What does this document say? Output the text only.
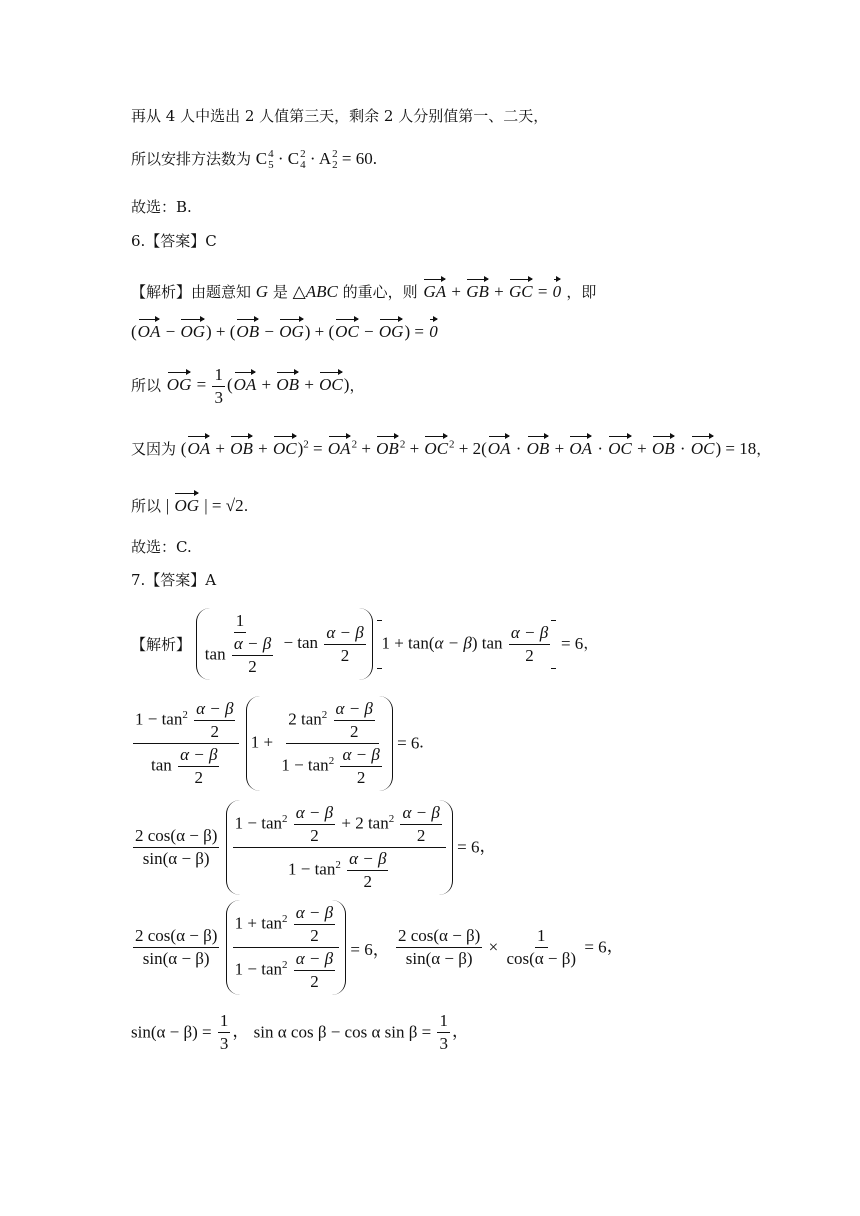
再从 4 人中选出 2 人值第三天，剩余 2 人分别值第一、二天，
所以安排方法数为 C 4
5 · C 2
4 · A 2
2 = 60.
故选：B.
6.【答案】C
【解析】由题意知 G 是 △ABC 的重心，则 GA + GB + GC = 0 ，即
(OA − OG) + (OB − OG) + (OC − OG) = 0
所以 OG = $\frac{1}{3} (OA$ + OB + OC)，
又因为 (OA + OB + $OC)^2 = OA^2 + OB^2 + OC^2 + 2(OA$ · OB + OA · OC + OB · OC) = 18，
所以 | OG | = √2.
故选：C.
7.【答案】A
【解析】 $\frac{1}{\tan \frac{\alpha - \beta}{2}} - \tan \frac{\alpha - \beta}{2}$
1 + tan(α − β) $\tan \frac{\alpha - \beta}{2} = 6$，
$\frac{1 - \tan^2 \frac{\alpha - \beta}{2}}{\tan \frac{\alpha - \beta}{2}} 1 + \frac{2 \tan^2 \frac{\alpha - \beta}{2}}{1 - \tan^2 \frac{\alpha - \beta}{2}} = 6$.
$\frac{2 \cos(\alpha - \beta)}{\sin(\alpha - \beta)}$
$\frac{1 - \tan^2 \frac{\alpha - \beta}{2} + 2 \tan^2 \frac{\alpha - \beta}{2}}{1 - \tan^2 \frac{\alpha - \beta}{2}} = 6$，
$\frac{2 \cos(\alpha - \beta)}{\sin(\alpha - \beta)}$
$\frac{1 + \tan^2 \frac{\alpha - \beta}{2}}{1 - \tan^2 \frac{\alpha - \beta}{2}} = 6$， $\frac{2 \cos(\alpha - \beta)}{\sin(\alpha - \beta)} \times \frac{1}{\cos(\alpha - \beta)} = 6$，
$\sin(\alpha - \beta) = \frac{1}{3}$ ， sin α cos β − cos α $\sin \beta = \frac{1}{3}$ ，
